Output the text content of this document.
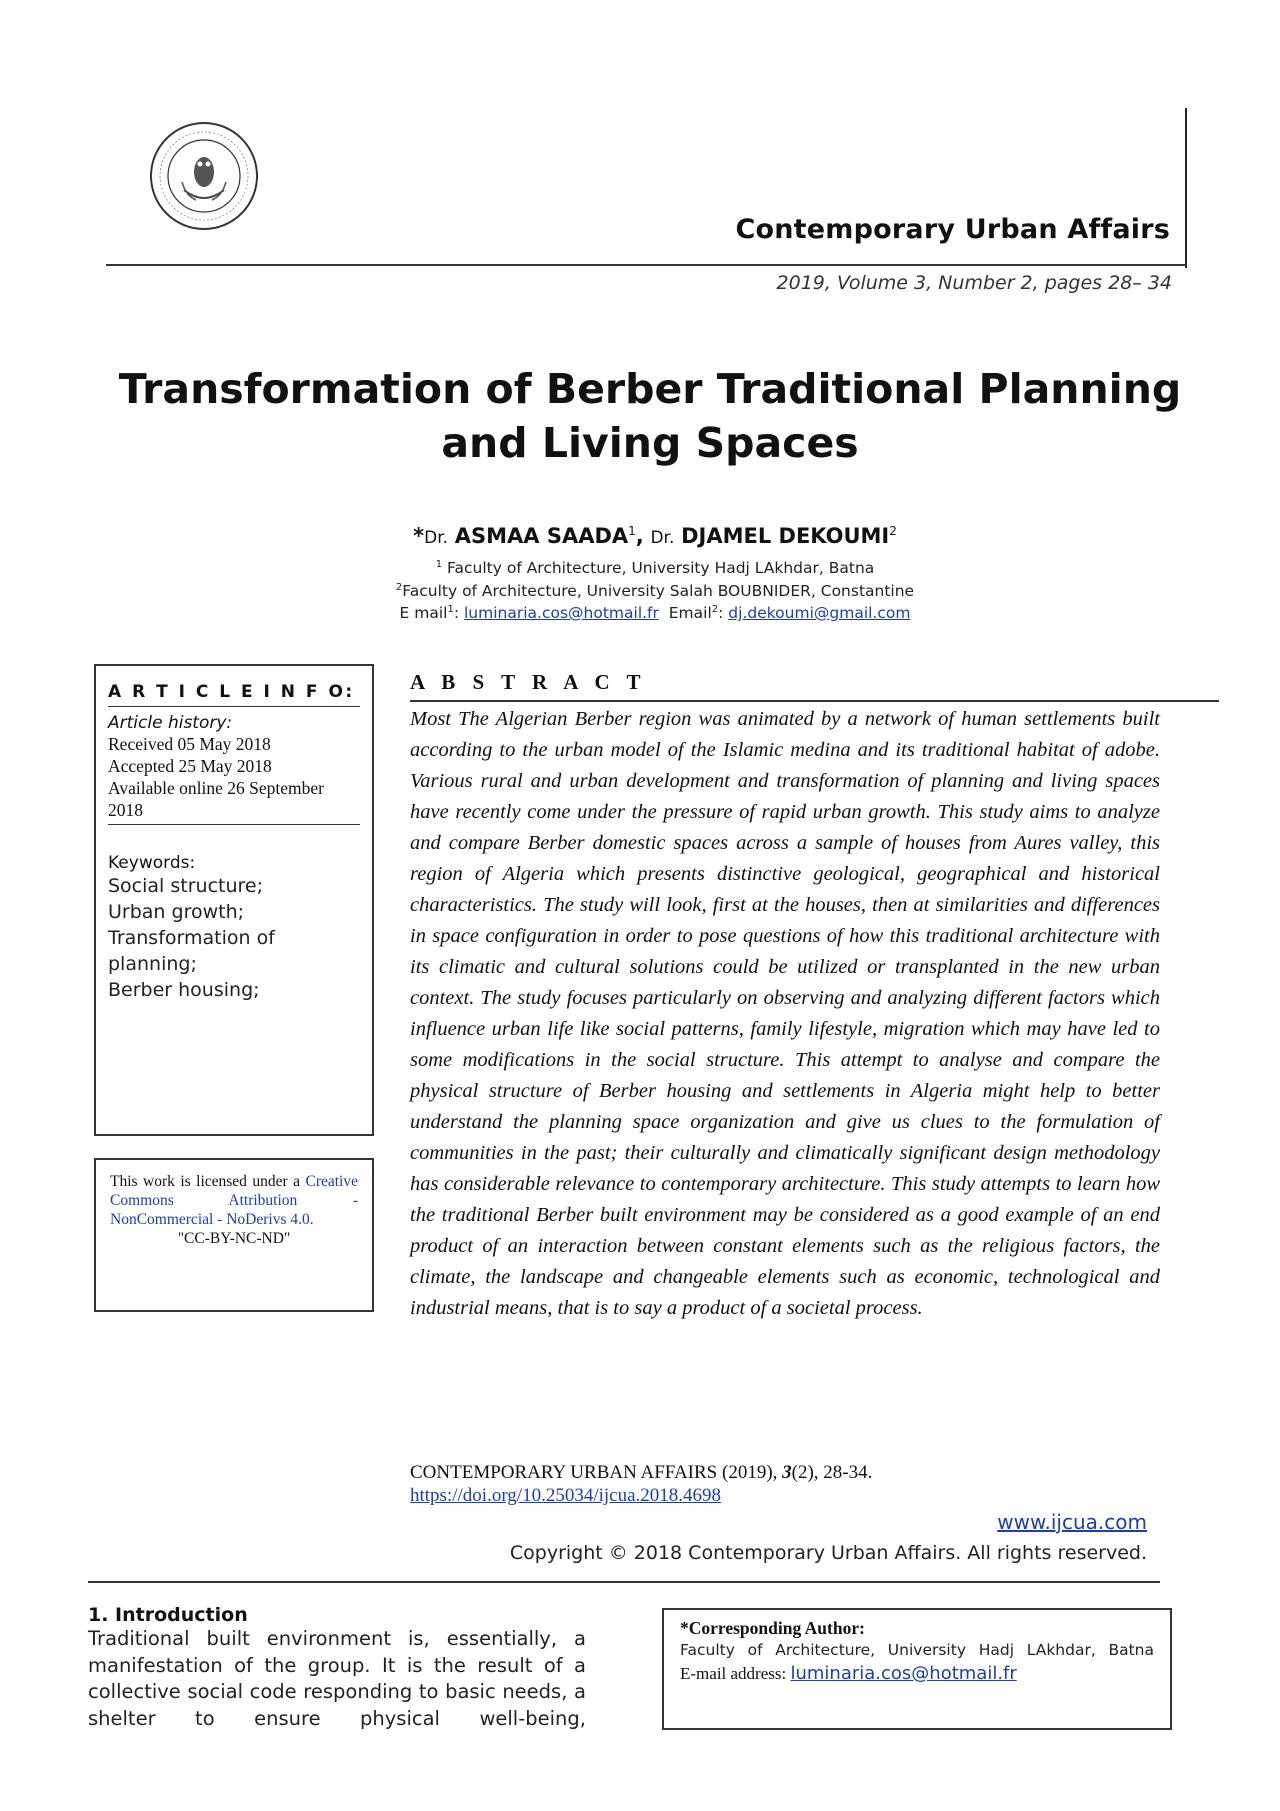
Contemporary Urban Affairs
2019, Volume 3, Number 2, pages 28– 34
Transformation of Berber Traditional Planning and Living Spaces
*Dr. ASMAA SAADA$^1$, Dr. DJAMEL DEKOUMI$^2$
$^1$ Faculty of Architecture, University Hadj LAkhdar, Batna
$^2$Faculty of Architecture, University Salah BOUBNIDER, Constantine
E mail$^1$: luminaria.cos@hotmail.fr Email$^2$: dj.dekoumi@gmail.com
A R T I C L E I N F O:
Article history:
Received 05 May 2018
Accepted 25 May 2018
Available online 26 September 2018
Keywords:
Social structure;
Urban growth;
Transformation of planning;
Berber housing;
This work is licensed under a Creative Commons Attribution - NonCommercial - NoDerivs 4.0.
"CC-BY-NC-ND"
A B S T R A C T
Most The Algerian Berber region was animated by a network of human settlements built according to the urban model of the Islamic medina and its traditional habitat of adobe. Various rural and urban development and transformation of planning and living spaces have recently come under the pressure of rapid urban growth. This study aims to analyze and compare Berber domestic spaces across a sample of houses from Aures valley, this region of Algeria which presents distinctive geological, geographical and historical characteristics. The study will look, first at the houses, then at similarities and differences in space configuration in order to pose questions of how this traditional architecture with its climatic and cultural solutions could be utilized or transplanted in the new urban context. The study focuses particularly on observing and analyzing different factors which influence urban life like social patterns, family lifestyle, migration which may have led to some modifications in the social structure. This attempt to analyse and compare the physical structure of Berber housing and settlements in Algeria might help to better understand the planning space organization and give us clues to the formulation of communities in the past; their culturally and climatically significant design methodology has considerable relevance to contemporary architecture. This study attempts to learn how the traditional Berber built environment may be considered as a good example of an end product of an interaction between constant elements such as the religious factors, the climate, the landscape and changeable elements such as economic, technological and industrial means, that is to say a product of a societal process.
CONTEMPORARY URBAN AFFAIRS (2019), 3(2), 28-34.
https://doi.org/10.25034/ijcua.2018.4698
www.ijcua.com
Copyright © 2018 Contemporary Urban Affairs. All rights reserved.
1. Introduction
Traditional built environment is, essentially, a manifestation of the group. It is the result of a collective social code responding to basic needs, a shelter to ensure physical well-being,
*Corresponding Author:
Faculty of Architecture, University Hadj LAkhdar, Batna
E-mail address: luminaria.cos@hotmail.fr
